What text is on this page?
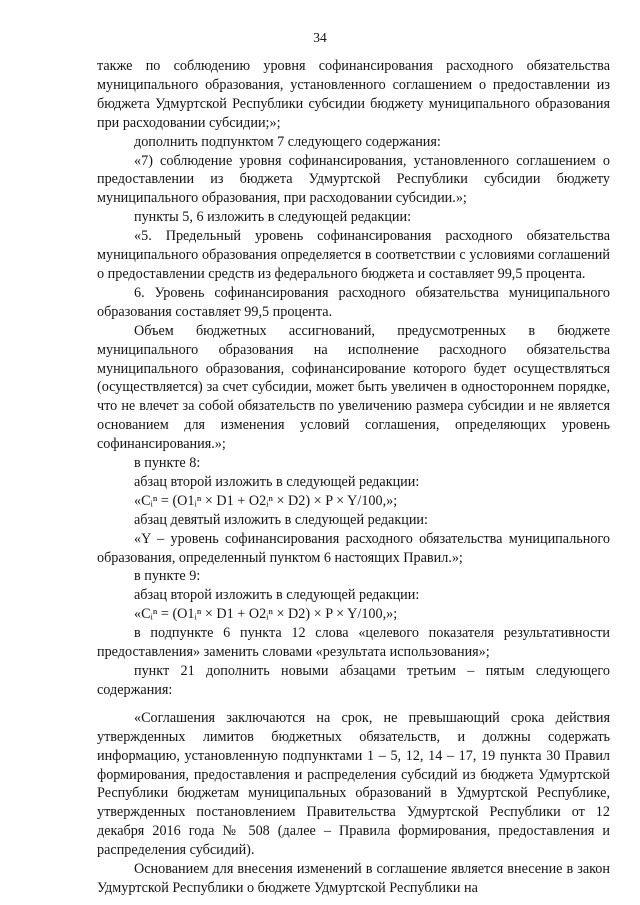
34

также по соблюдению уровня софинансирования расходного обязательства муниципального образования, установленного соглашением о предоставлении из бюджета Удмуртской Республики субсидии бюджету муниципального образования при расходовании субсидии;»;

дополнить подпунктом 7 следующего содержания:

«7) соблюдение уровня софинансирования, установленного соглашением о предоставлении из бюджета Удмуртской Республики субсидии бюджету муниципального образования, при расходовании субсидии.»;

пункты 5, 6 изложить в следующей редакции:

«5. Предельный уровень софинансирования расходного обязательства муниципального образования определяется в соответствии с условиями соглашений о предоставлении средств из федерального бюджета и составляет 99,5 процента.

6. Уровень софинансирования расходного обязательства муниципального образования составляет 99,5 процента.

Объем бюджетных ассигнований, предусмотренных в бюджете муниципального образования на исполнение расходного обязательства муниципального образования, софинансирование которого будет осуществляться (осуществляется) за счет субсидии, может быть увеличен в одностороннем порядке, что не влечет за собой обязательств по увеличению размера субсидии и не является основанием для изменения условий соглашения, определяющих уровень софинансирования.»;

в пункте 8:

абзац второй изложить в следующей редакции:

«Cᵢⁿ = (O1ᵢⁿ × D1 + O2ᵢⁿ × D2) × P × Y/100,»;

абзац девятый изложить в следующей редакции:

«Y – уровень софинансирования расходного обязательства муниципального образования, определенный пунктом 6 настоящих Правил.»;

в пункте 9:

абзац второй изложить в следующей редакции:

«Cᵢⁿ = (O1ᵢⁿ × D1 + O2ᵢⁿ × D2) × P × Y/100,»;

в подпункте 6 пункта 12 слова «целевого показателя результативности предоставления» заменить словами «результата использования»;

пункт 21 дополнить новыми абзацами третьим – пятым следующего содержания:

«Соглашения заключаются на срок, не превышающий срока действия утвержденных лимитов бюджетных обязательств, и должны содержать информацию, установленную подпунктами 1 – 5, 12, 14 – 17, 19 пункта 30 Правил формирования, предоставления и распределения субсидий из бюджета Удмуртской Республики бюджетам муниципальных образований в Удмуртской Республике, утвержденных постановлением Правительства Удмуртской Республики от 12 декабря 2016 года № 508 (далее – Правила формирования, предоставления и распределения субсидий).

Основанием для внесения изменений в соглашение является внесение в закон Удмуртской Республики о бюджете Удмуртской Республики на
